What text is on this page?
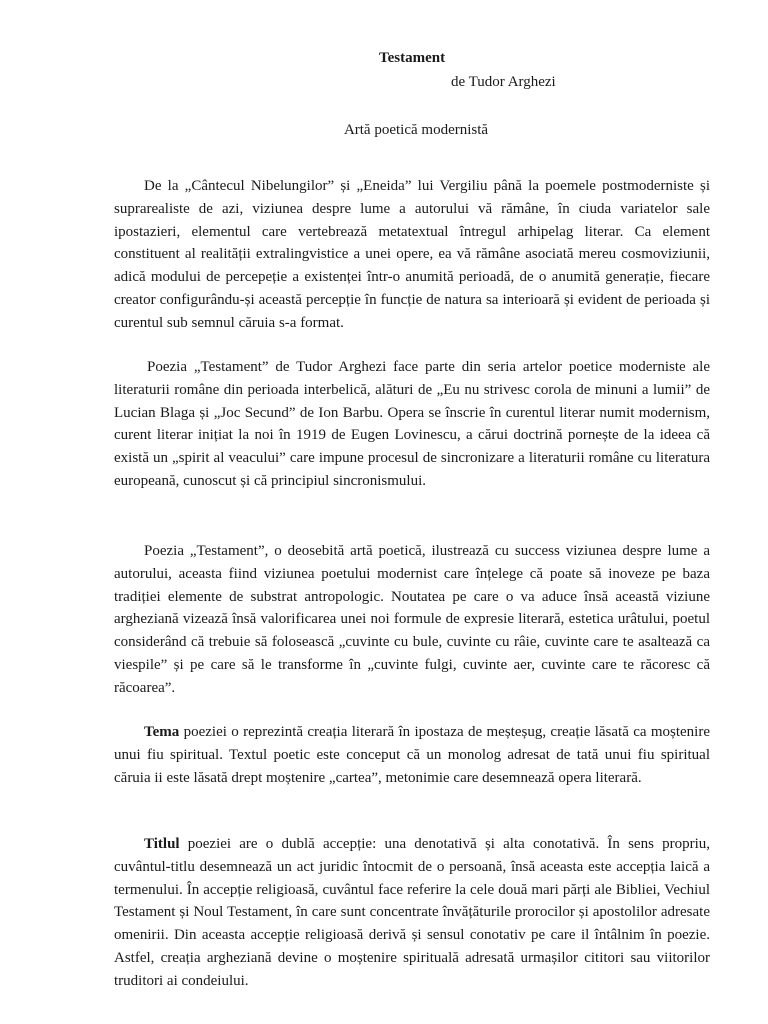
Testament

de Tudor Arghezi

Artă poetică modernistă

De la „Cântecul Nibelungilor” și „Eneida” lui Vergiliu până la poemele postmoderniste și suprarealiste de azi, viziunea despre lume a autorului vă rămâne, în ciuda variatelor sale ipostazieri, elementul care vertebrează metatextual întregul arhipelag literar. Ca element constituent al realității extralingvistice a unei opere, ea vă rămâne asociată mereu cosmoviziunii, adică modului de percepeție a existenței într-o anumită perioadă, de o anumită generație, fiecare creator configurându-și această percepție în funcție de natura sa interioară și evident de perioada și curentul sub semnul căruia s-a format.

Poezia „Testament” de Tudor Arghezi face parte din seria artelor poetice moderniste ale literaturii române din perioada interbelică, alături de „Eu nu strivesc corola de minuni a lumii” de Lucian Blaga și „Joc Secund” de Ion Barbu. Opera se înscrie în curentul literar numit modernism, curent literar inițiat la noi în 1919 de Eugen Lovinescu, a cărui doctrină pornește de la ideea că există un „spirit al veacului” care impune procesul de sincronizare a literaturii române cu literatura europeană, cunoscut și că principiul sincronismului.

Poezia „Testament”, o deosebită artă poetică, ilustrează cu success viziunea despre lume a autorului, aceasta fiind viziunea poetului modernist care înțelege că poate să inoveze pe baza tradiției elemente de substrat antropologic. Noutatea pe care o va aduce însă această viziune argheziană vizează însă valorificarea unei noi formule de expresie literară, estetica urâtului, poetul considerând că trebuie să folosească „cuvinte cu bule, cuvinte cu râie, cuvinte care te asaltează ca viespile” și pe care să le transforme în „cuvinte fulgi, cuvinte aer, cuvinte care te răcoresc că răcoarea”.

Tema poeziei o reprezintă creația literară în ipostaza de meșteșug, creație lăsată ca moștenire unui fiu spiritual. Textul poetic este conceput că un monolog adresat de tată unui fiu spiritual căruia ii este lăsată drept moștenire „cartea”, metonimie care desemnează opera literară.

Titlul poeziei are o dublă accepție: una denotativă și alta conotativă. În sens propriu, cuvântul-titlu desemnează un act juridic întocmit de o persoană, însă aceasta este accepția laică a termenului. În accepție religioasă, cuvântul face referire la cele două mari părți ale Bibliei, Vechiul Testament și Noul Testament, în care sunt concentrate învățăturile prorocilor și apostolilor adresate omenirii. Din aceasta accepție religioasă derivă și sensul conotativ pe care il întâlnim în poezie. Astfel, creația argheziană devine o moștenire spirituală adresată urmașilor cititori sau viitorilor truditori ai condeiului.
